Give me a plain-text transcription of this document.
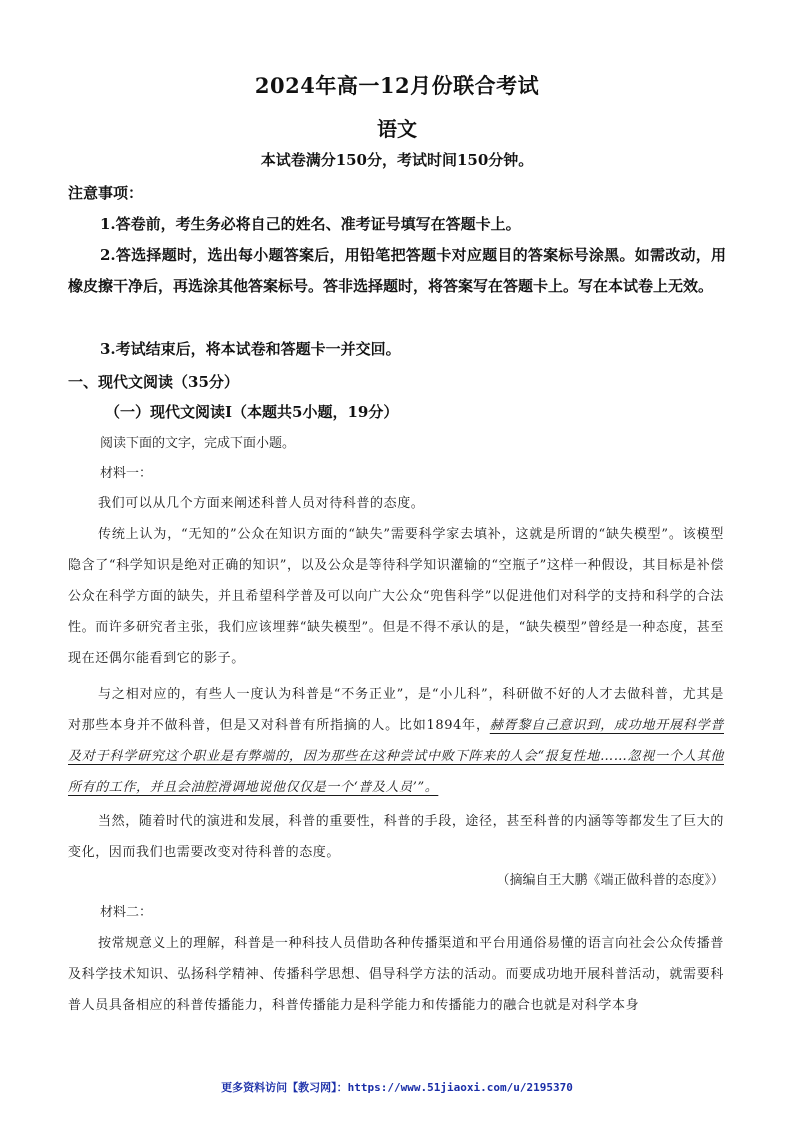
2024年高一12月份联合考试
语文
本试卷满分150分，考试时间150分钟。
注意事项：
1.答卷前，考生务必将自己的姓名、准考证号填写在答题卡上。
2.答选择题时，选出每小题答案后，用铅笔把答题卡对应题目的答案标号涂黑。如需改动，用橡皮擦干净后，再选涂其他答案标号。答非选择题时，将答案写在答题卡上。写在本试卷上无效。
3.考试结束后，将本试卷和答题卡一并交回。
一、现代文阅读（35分）
（一）现代文阅读Ⅰ（本题共5小题，19分）
阅读下面的文字，完成下面小题。
材料一：
我们可以从几个方面来阐述科普人员对待科普的态度。
传统上认为，“无知的”公众在知识方面的“缺失”需要科学家去填补，这就是所谓的“缺失模型”。该模型隐含了“科学知识是绝对正确的知识”，以及公众是等待科学知识灌输的“空瓶子”这样一种假设，其目标是补偿公众在科学方面的缺失，并且希望科学普及可以向广大公众“兜售科学”以促进他们对科学的支持和科学的合法性。而许多研究者主张，我们应该埋葬“缺失模型”。但是不得不承认的是，“缺失模型”曾经是一种态度，甚至现在还偶尔能看到它的影子。
与之相对应的，有些人一度认为科普是“不务正业”，是“小儿科”，科研做不好的人才去做科普，尤其是对那些本身并不做科普，但是又对科普有所指摘的人。比如1894年，赫胥黎自己意识到，成功地开展科学普及对于科学研究这个职业是有弊端的，因为那些在这种尝试中败下阵来的人会“报复性地……忽视一个人其他所有的工作，并且会油腔滑调地说他仅仅是一个‘普及人员’”。
当然，随着时代的演进和发展，科普的重要性，科普的手段，途径，甚至科普的内涵等等都发生了巨大的变化，因而我们也需要改变对待科普的态度。
（摘编自王大鹏《端正做科普的态度》）
材料二：
按常规意义上的理解，科普是一种科技人员借助各种传播渠道和平台用通俗易懂的语言向社会公众传播普及科学技术知识、弘扬科学精神、传播科学思想、倡导科学方法的活动。而要成功地开展科普活动，就需要科普人员具备相应的科普传播能力，科普传播能力是科学能力和传播能力的融合也就是对科学本身
更多资料访问【教习网】：https://www.51jiaoxi.com/u/2195370
